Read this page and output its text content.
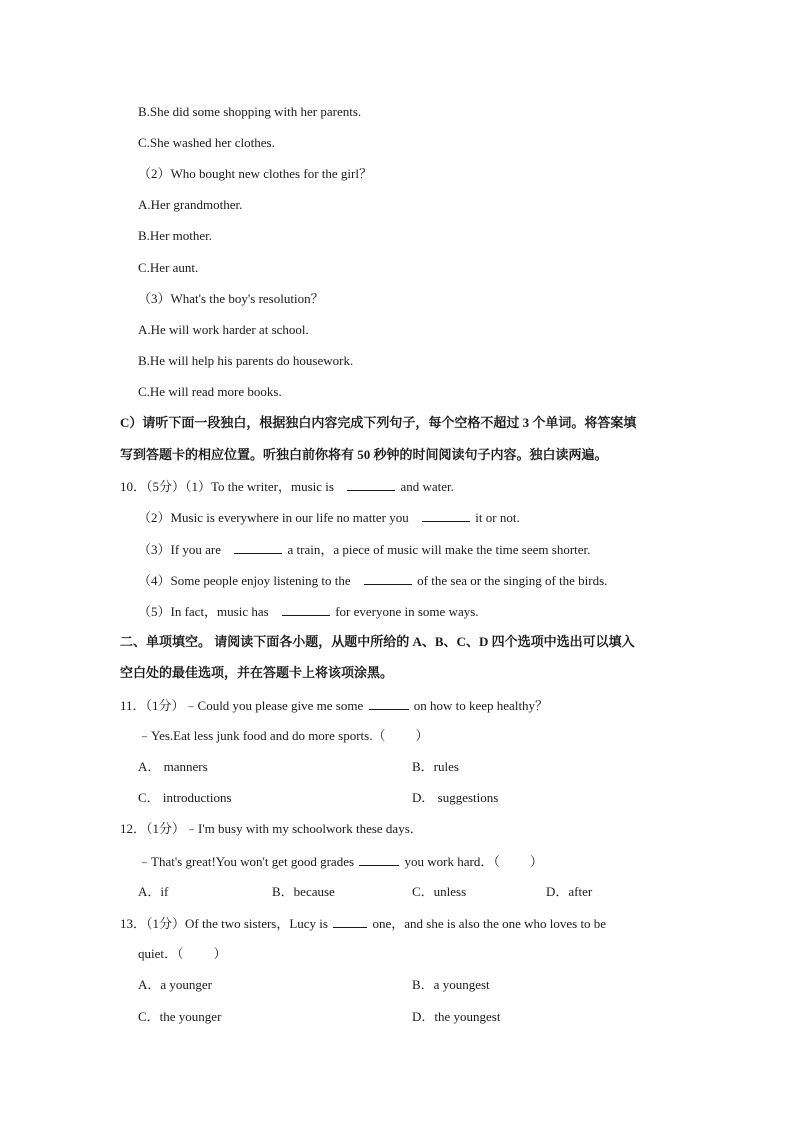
B.She did some shopping with her parents.
C.She washed her clothes.
（2）Who bought new clothes for the girl？
A.Her grandmother.
B.Her mother.
C.Her aunt.
（3）What's the boy's resolution？
A.He will work harder at school.
B.He will help his parents do housework.
C.He will read more books.
C）请听下面一段独白，根据独白内容完成下列句子，每个空格不超过 3 个单词。将答案填
写到答题卡的相应位置。听独白前你将有 50 秒钟的时间阅读句子内容。独白读两遍。
10．（5分）（1）To the writer，music is	and water.
（2）Music is everywhere in our life no matter you	it or not.
（3）If you are	a train，a piece of music will make the time seem shorter.
（4）Some people enjoy listening to the	of the sea or the singing of the birds.
（5）In fact，music has	for everyone in some ways.
二、单项填空。 请阅读下面各小题，从题中所给的 A、B、C、D 四个选项中选出可以填入
空白处的最佳选项，并在答题卡上将该项涂黑。
11．（1分）﹣Could you please give me some	on how to keep healthy？
﹣Yes.Eat less junk food and do more sports.（ ）
A． manners	B．rules
C． introductions	D． suggestions
12．（1分）﹣I'm busy with my schoolwork these days．
﹣That's great!You won't get good grades	you work hard．（ ）
A．if	B．because	C．unless	D．after
13．（1分）Of the two sisters，Lucy is	one，and she is also the one who loves to be
quiet．（ ）
A．a younger	B．a youngest
C．the younger	D．the youngest
